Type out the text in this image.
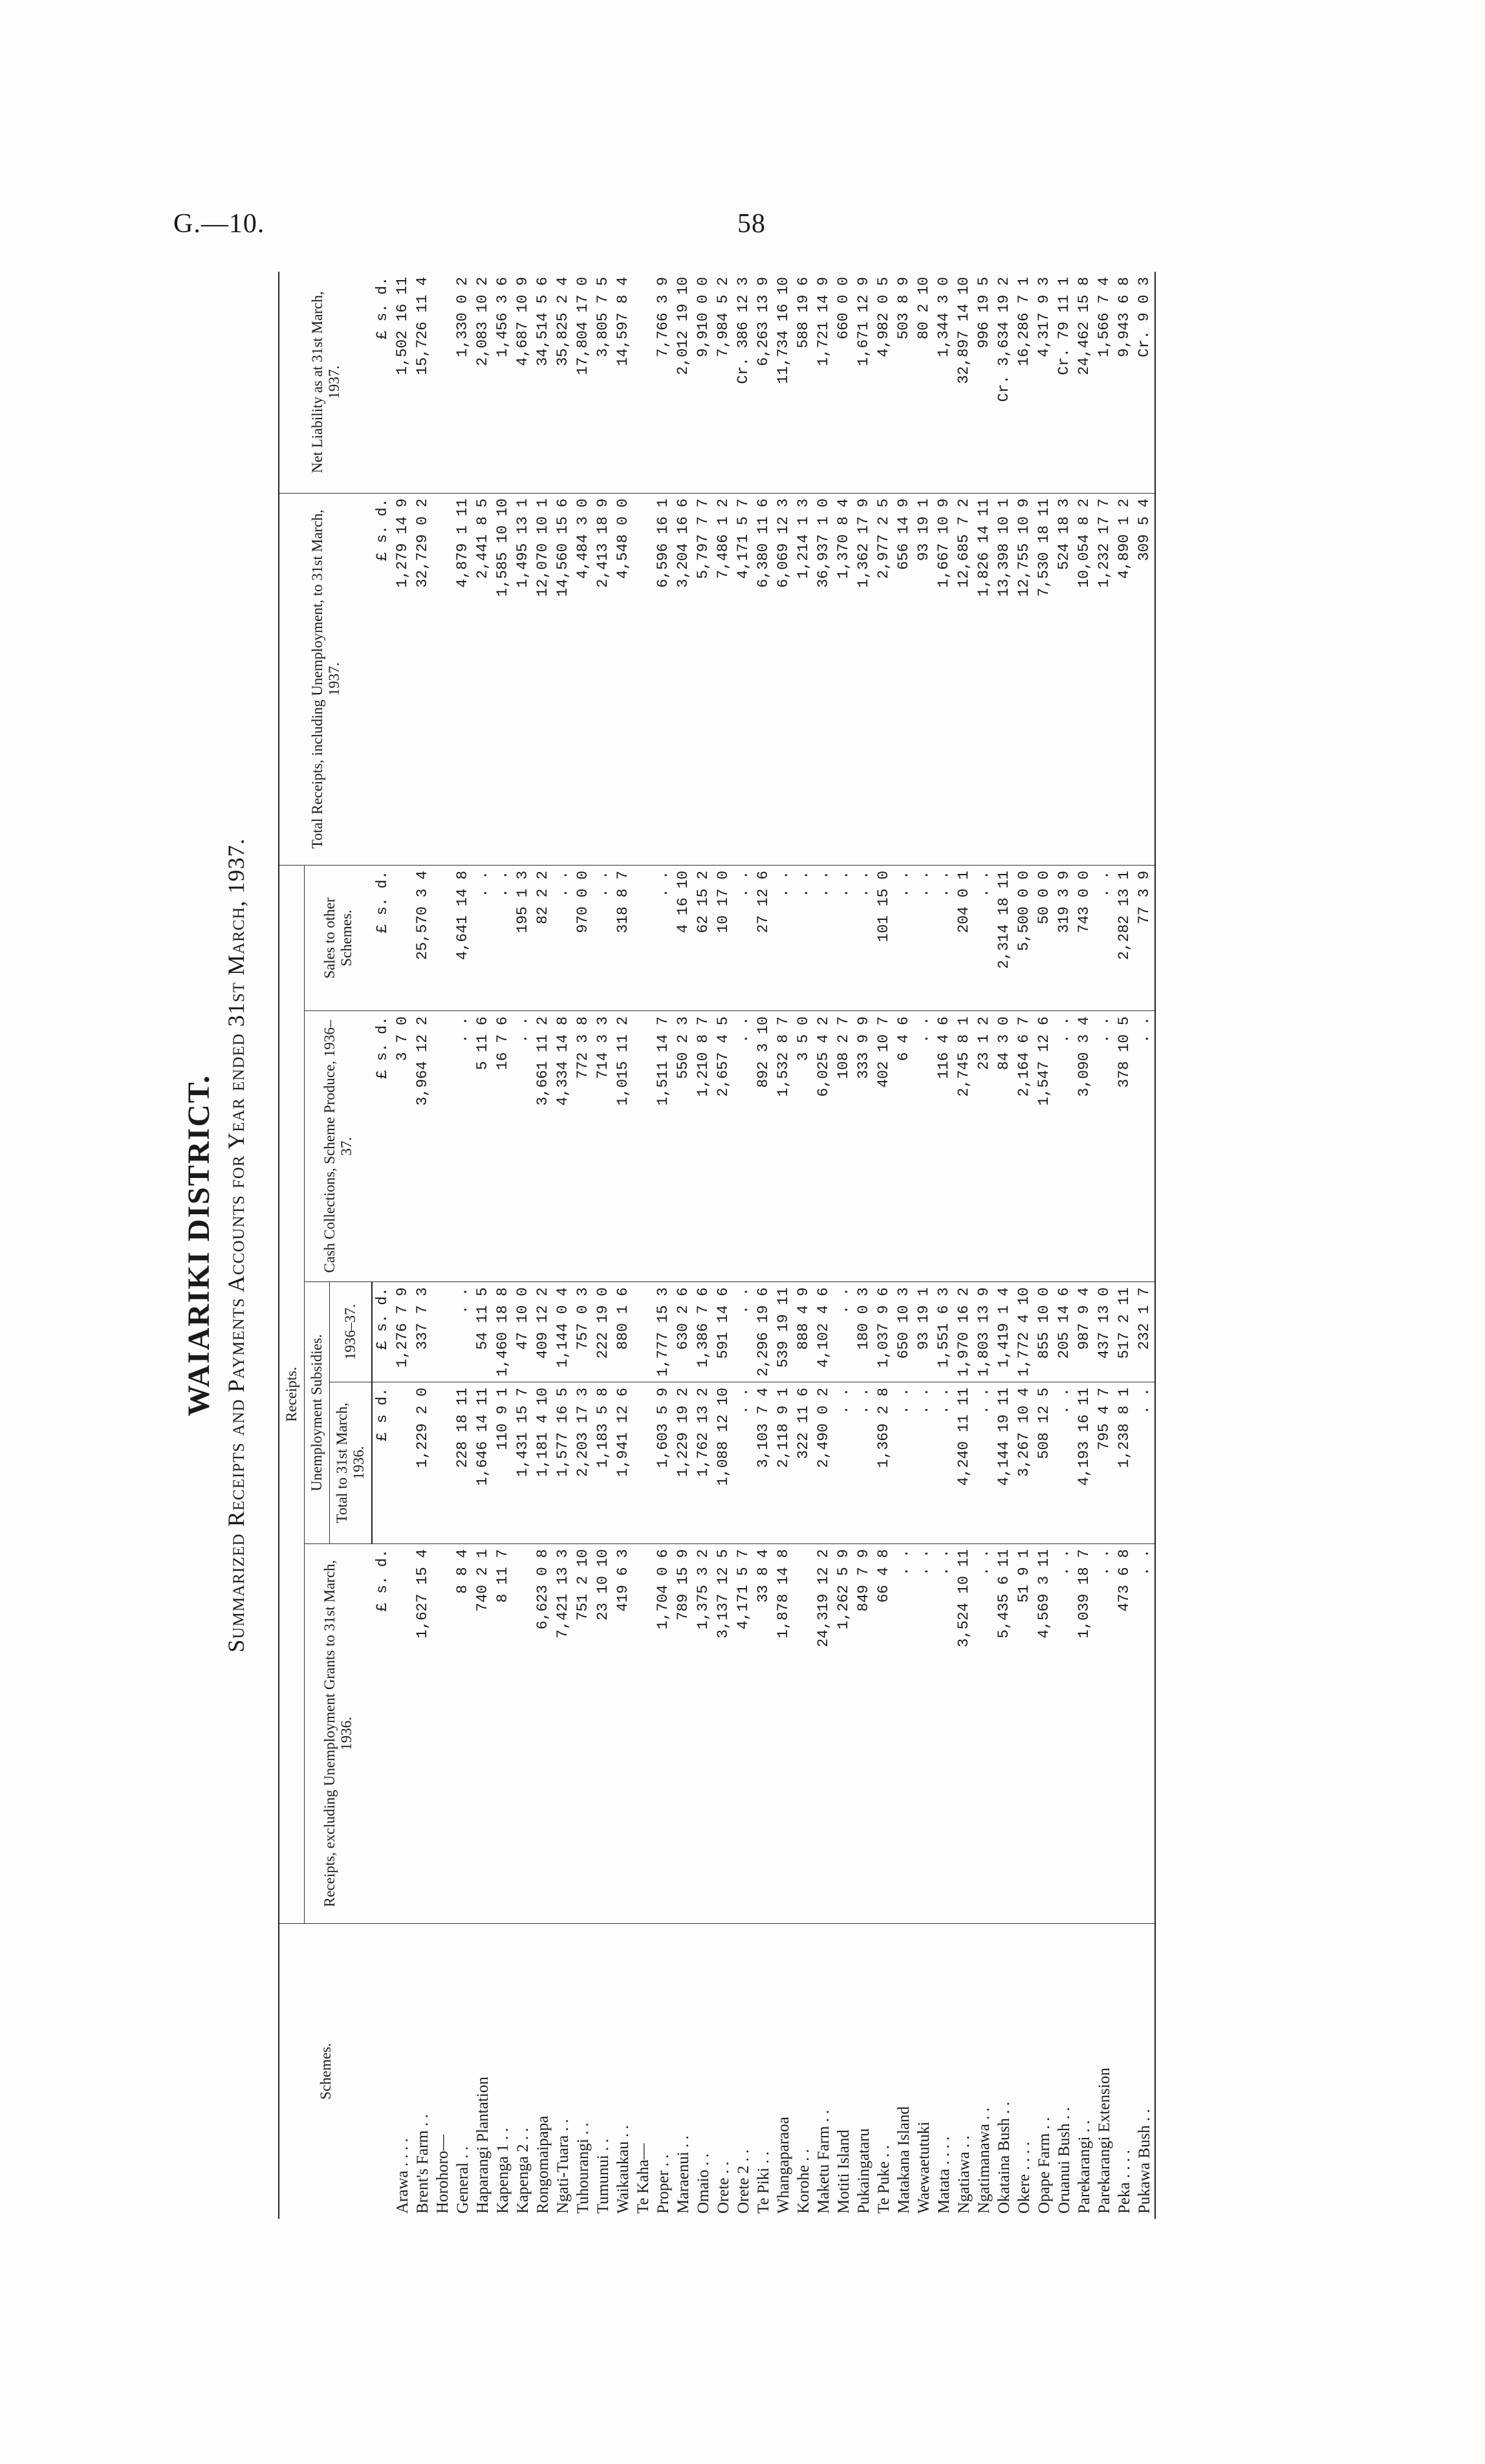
G.—10.	58
WAIARIKI DISTRICT. Summarized Receipts and Payments Accounts for Year ended 31st March, 1937.
Schemes.	Receipts.					Total Receipts, including Unemployment, to 31st March, 1937.	Net Liability as at 31st March, 1937.
	Receipts, excluding Unemployment Grants to 31st March, 1936.	Unemployment Subsidies.		Cash Collections, Scheme Produce, 1936–37.	Sales to other Schemes.		
		Total to 31st March, 1936.	1936–37.				
	£ s. d.	£ s d.	£ s. d.	£ s. d.	£ s. d.	£ s. d.	£ s. d.
Arawa . . . .			1,276 7 9	3 7 0		1,279 14 9	1,502 16 11
Brent's Farm . .	1,627 15 4	1,229 2 0	337 7 3	3,964 12 2	25,570 3 4	32,729 0 2	15,726 11 4
Horohoro—							
General . .	8 8 4	228 18 11	. .	. .	4,641 14 8	4,879 1 11	1,330 0 2
Haparangi Plantation	740 2 1	1,646 14 11	54 11 5	5 11 6	. .	2,441 8 5	2,083 10 2
Kapenga 1 . .	8 11 7	110 9 1	1,460 18 8	16 7 6	. .	1,585 10 10	1,456 3 6
Kapenga 2 . .		1,431 15 7	47 10 0	. .	195 1 3	1,495 13 1	4,687 10 9
Rongomaipapa	6,623 0 8	1,181 4 10	409 12 2	3,661 11 2	82 2 2	12,070 10 1	34,514 5 6
Ngati-Tuara . .	7,421 13 3	1,577 16 5	1,144 0 4	4,334 14 8	. .	14,560 15 6	35,825 2 4
Tuhourangi . .	751 2 10	2,203 17 3	757 0 3	772 3 8	970 0 0	4,484 3 0	17,804 17 0
Tumunui . .	23 10 10	1,183 5 8	222 19 0	714 3 3	. .	2,413 18 9	3,805 7 5
Waikaukau . .	419 6 3	1,941 12 6	880 1 6	1,015 11 2	318 8 7	4,548 0 0	14,597 8 4
Te Kaha—							
Proper . .	1,704 0 6	1,603 5 9	1,777 15 3	1,511 14 7	. .	6,596 16 1	7,766 3 9
Maraenui . .	789 15 9	1,229 19 2	630 2 6	550 2 3	4 16 10	3,204 16 6	2,012 19 10
Omaio . .	1,375 3 2	1,762 13 2	1,386 7 6	1,210 8 7	62 15 2	5,797 7 7	9,910 0 0
Orete . .	3,137 12 5	1,088 12 10	591 14 6	2,657 4 5	10 17 0	7,486 1 2	7,984 5 2
Orete 2 . .	4,171 5 7	. .	. .	. .	. .	4,171 5 7	Cr. 386 12 3
Te Piki . .	33 8 4	3,103 7 4	2,296 19 6	892 3 10	27 12 6	6,380 11 6	6,263 13 9
Whangaparaoa	1,878 14 8	2,118 9 1	539 19 11	1,532 8 7	. .	6,069 12 3	11,734 16 10
Korohe . .		322 11 6	888 4 9	3 5 0	. .	1,214 1 3	588 19 6
Maketu Farm . .	24,319 12 2	2,490 0 2	4,102 4 6	6,025 4 2	. .	36,937 1 0	1,721 14 9
Motiti Island	1,262 5 9	. .	. .	108 2 7	. .	1,370 8 4	660 0 0
Pukaingataru	849 7 9	. .	180 0 3	333 9 9	. .	1,362 17 9	1,671 12 9
Te Puke . .	66 4 8	1,369 2 8	1,037 9 6	402 10 7	101 15 0	2,977 2 5	4,982 0 5
Matakana Island	. .	. .	650 10 3	6 4 6	. .	656 14 9	503 8 9
Waewaetutuki	. .	. .	93 19 1	. .	. .	93 19 1	80 2 10
Matata . . . .	. .	. .	1,551 6 3	116 4 6	. .	1,667 10 9	1,344 3 0
Ngatiawa . .	3,524 10 11	4,240 11 11	1,970 16 2	2,745 8 1	204 0 1	12,685 7 2	32,897 14 10
Ngatimanawa . .	. .	. .	1,803 13 9	23 1 2	. .	1,826 14 11	996 19 5
Okataina Bush . .	5,435 6 11	4,144 19 11	1,419 1 4	84 3 0	2,314 18 11	13,398 10 1	Cr. 3,634 19 2
Okere . . . .	51 9 1	3,267 10 4	1,772 4 10	2,164 6 7	5,500 0 0	12,755 10 9	16,286 7 1
Opape Farm . .	4,569 3 11	508 12 5	855 10 0	1,547 12 6	50 0 0	7,530 18 11	4,317 9 3
Oruanui Bush . .	. .	. .	205 14 6	. .	319 3 9	524 18 3	Cr. 79 11 1
Parekarangi . .	1,039 18 7	4,193 16 11	987 9 4	3,090 3 4	743 0 0	10,054 8 2	24,462 15 8
Parekarangi Extension	. .	795 4 7	437 13 0	. .	. .	1,232 17 7	1,566 7 4
Peka . . . .	473 6 8	1,238 8 1	517 2 11	378 10 5	2,282 13 1	4,890 1 2	9,943 6 8
Pukawa Bush . .	. .	. .	232 1 7	. .	77 3 9	309 5 4	Cr. 9 0 3
